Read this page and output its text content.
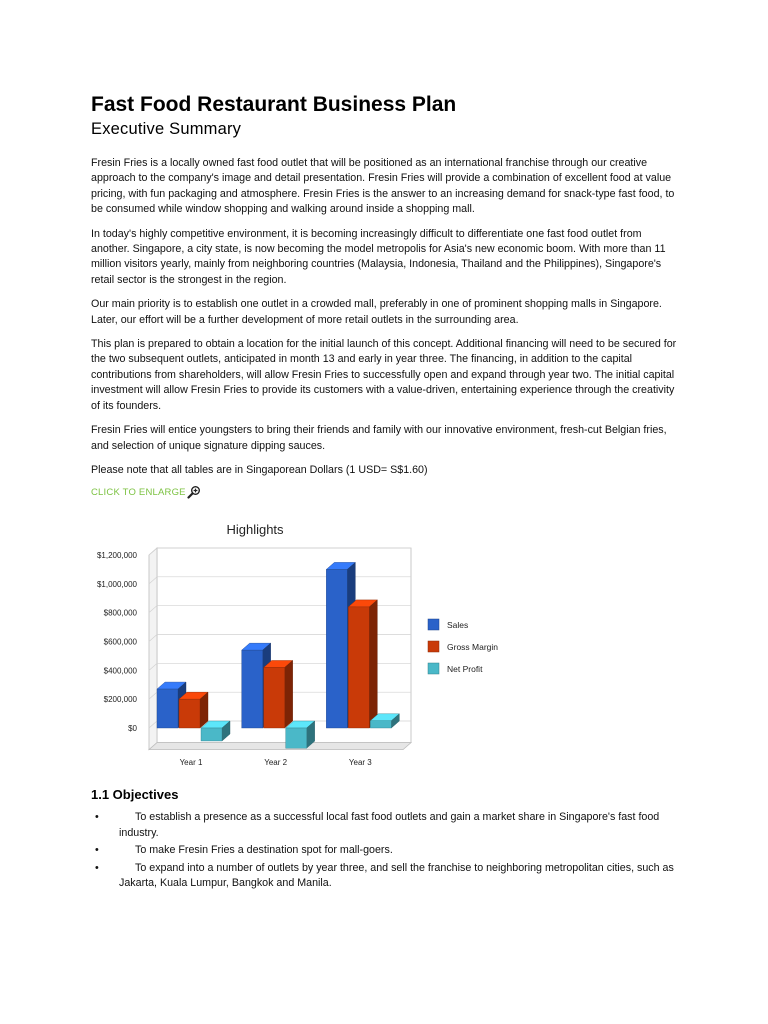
Fast Food Restaurant Business Plan
Executive Summary

Fresin Fries is a locally owned fast food outlet that will be positioned as an international franchise through our creative approach to the company's image and detail presentation. Fresin Fries will provide a combination of excellent food at value pricing, with fun packaging and atmosphere. Fresin Fries is the answer to an increasing demand for snack-type fast food, to be consumed while window shopping and walking around inside a shopping mall.

In today's highly competitive environment, it is becoming increasingly difficult to differentiate one fast food outlet from another. Singapore, a city state, is now becoming the model metropolis for Asia's new economic boom. With more than 11 million visitors yearly, mainly from neighboring countries (Malaysia, Indonesia, Thailand and the Philippines), Singapore's retail sector is the strongest in the region.

Our main priority is to establish one outlet in a crowded mall, preferably in one of prominent shopping malls in Singapore. Later, our effort will be a further development of more retail outlets in the surrounding area.

This plan is prepared to obtain a location for the initial launch of this concept. Additional financing will need to be secured for the two subsequent outlets, anticipated in month 13 and early in year three. The financing, in addition to the capital contributions from shareholders, will allow Fresin Fries to successfully open and expand through year two. The initial capital investment will allow Fresin Fries to provide its customers with a value-driven, entertaining experience through the creativity of its founders.

Fresin Fries will entice youngsters to bring their friends and family with our innovative environment, fresh-cut Belgian fries, and selection of unique signature dipping sauces.

Please note that all tables are in Singaporean Dollars (1 USD= S$1.60)

CLICK TO ENLARGE
Highlights
$1,200,000
$1,000,000
$800,000
$600,000
$400,000
$200,000
$0
Year 1	Year 2	Year 3
Sales
Gross Margin
Net Profit
1.1 Objectives
•	To establish a presence as a successful local fast food outlets and gain a market share in Singapore's fast food industry.
•	To make Fresin Fries a destination spot for mall-goers.
•	To expand into a number of outlets by year three, and sell the franchise to neighboring metropolitan cities, such as Jakarta, Kuala Lumpur, Bangkok and Manila.
